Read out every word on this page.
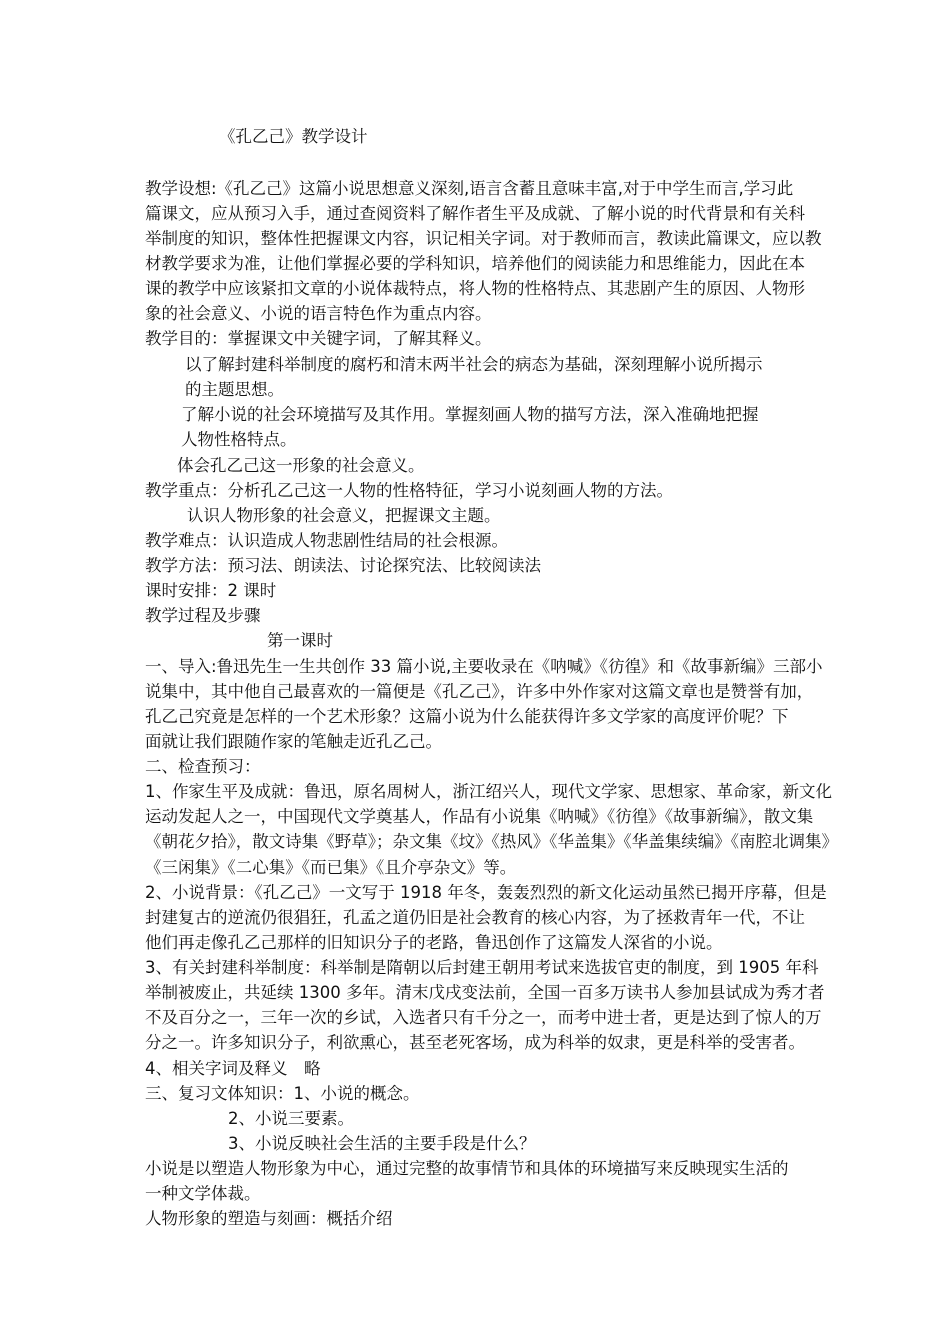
《孔乙己》教学设计
教学设想:《孔乙己》这篇小说思想意义深刻,语言含蓄且意味丰富,对于中学生而言,学习此
篇课文，应从预习入手，通过查阅资料了解作者生平及成就、了解小说的时代背景和有关科
举制度的知识，整体性把握课文内容，识记相关字词。对于教师而言，教读此篇课文，应以教
材教学要求为准，让他们掌握必要的学科知识，培养他们的阅读能力和思维能力，因此在本
课的教学中应该紧扣文章的小说体裁特点，将人物的性格特点、其悲剧产生的原因、人物形
象的社会意义、小说的语言特色作为重点内容。
教学目的：掌握课文中关键字词，了解其释义。
以了解封建科举制度的腐朽和清末两半社会的病态为基础，深刻理解小说所揭示
的主题思想。
了解小说的社会环境描写及其作用。掌握刻画人物的描写方法，深入准确地把握
人物性格特点。
体会孔乙己这一形象的社会意义。
教学重点：分析孔乙己这一人物的性格特征，学习小说刻画人物的方法。
认识人物形象的社会意义，把握课文主题。
教学难点：认识造成人物悲剧性结局的社会根源。
教学方法：预习法、朗读法、讨论探究法、比较阅读法
课时安排：2 课时
教学过程及步骤
第一课时
一、导入:鲁迅先生一生共创作 33 篇小说,主要收录在《呐喊》《彷徨》和《故事新编》三部小
说集中，其中他自己最喜欢的一篇便是《孔乙己》，许多中外作家对这篇文章也是赞誉有加，
孔乙己究竟是怎样的一个艺术形象？这篇小说为什么能获得许多文学家的高度评价呢？下
面就让我们跟随作家的笔触走近孔乙己。
二、检查预习：
1、作家生平及成就：鲁迅，原名周树人，浙江绍兴人，现代文学家、思想家、革命家，新文化
运动发起人之一，中国现代文学奠基人，作品有小说集《呐喊》《彷徨》《故事新编》，散文集
《朝花夕拾》，散文诗集《野草》；杂文集《坟》《热风》《华盖集》《华盖集续编》《南腔北调集》
《三闲集》《二心集》《而已集》《且介亭杂文》等。
2、小说背景：《孔乙己》一文写于 1918 年冬，轰轰烈烈的新文化运动虽然已揭开序幕，但是
封建复古的逆流仍很猖狂，孔孟之道仍旧是社会教育的核心内容，为了拯救青年一代，不让
他们再走像孔乙己那样的旧知识分子的老路，鲁迅创作了这篇发人深省的小说。
3、有关封建科举制度：科举制是隋朝以后封建王朝用考试来选拔官吏的制度，到 1905 年科
举制被废止，共延续 1300 多年。清末戊戌变法前，全国一百多万读书人参加县试成为秀才者
不及百分之一，三年一次的乡试，入选者只有千分之一，而考中进士者，更是达到了惊人的万
分之一。许多知识分子，利欲熏心，甚至老死客场，成为科举的奴隶，更是科举的受害者。
4、相关字词及释义　略
三、复习文体知识：1、小说的概念。
2、小说三要素。
3、小说反映社会生活的主要手段是什么？
小说是以塑造人物形象为中心，通过完整的故事情节和具体的环境描写来反映现实生活的
一种文学体裁。
人物形象的塑造与刻画：概括介绍
